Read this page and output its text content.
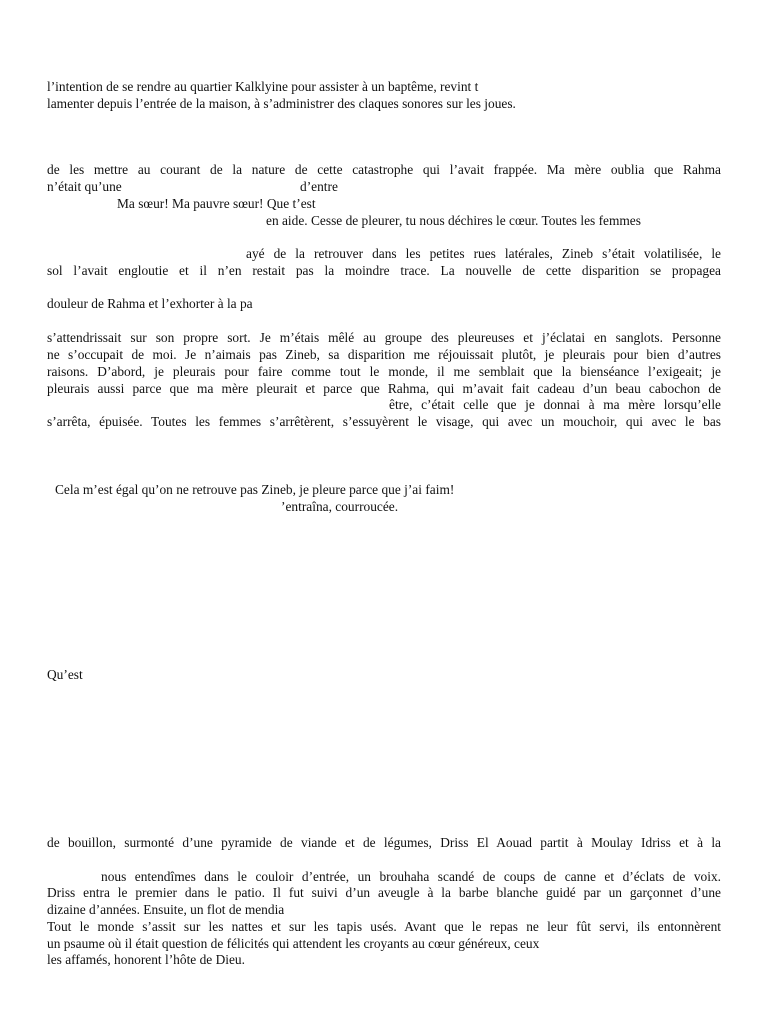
l’intention de se rendre au quartier Kalklyine pour assister à un baptême, revint t
lamenter depuis l’entrée de la maison, à s’administrer des claques sonores sur les joues.
de les mettre au courant de la nature de cette catastrophe qui l’avait frappée. Ma mère oublia que Rahma
n’était qu’une	d’entre
Ma sœur! Ma pauvre sœur! Que t’est
en aide. Cesse de pleurer, tu nous déchires le cœur. Toutes les femmes
ayé de la retrouver dans les petites rues latérales, Zineb s’était volatilisée, le
sol l’avait engloutie et il n’en restait pas la moindre trace. La nouvelle de cette disparition se propagea
douleur de Rahma et l’exhorter à la pa
s’attendrissait sur son propre sort. Je m’étais mêlé au groupe des pleureuses et j’éclatai en sanglots. Personne
ne s’occupait de moi. Je n’aimais pas Zineb, sa disparition me réjouissait plutôt, je pleurais pour bien d’autres
raisons. D’abord, je pleurais pour faire comme tout le monde, il me semblait que la bienséance l’exigeait; je
pleurais aussi parce que ma mère pleurait et parce que Rahma, qui m’avait fait cadeau d’un beau cabochon de
être, c’était celle que je donnai à ma mère lorsqu’elle
s’arrêta, épuisée. Toutes les femmes s’arrêtèrent, s’essuyèrent le visage, qui avec un mouchoir, qui avec le bas
Cela m’est égal qu’on ne retrouve pas Zineb, je pleure parce que j’ai faim!
’entraîna, courroucée.
Qu’est
de bouillon, surmonté d’une pyramide de viande et de légumes, Driss El Aouad partit à Moulay Idriss et à la
nous entendîmes dans le couloir d’entrée, un brouhaha scandé de coups de canne et d’éclats de voix.
Driss entra le premier dans le patio. Il fut suivi d’un aveugle à la barbe blanche guidé par un garçonnet d’une
dizaine d’années. Ensuite, un flot de mendia
Tout le monde s’assit sur les nattes et sur les tapis usés. Avant que le repas ne leur fût servi, ils entonnèrent
un psaume où il était question de félicités qui attendent les croyants au cœur généreux, ceux
les affamés, honorent l’hôte de Dieu.
